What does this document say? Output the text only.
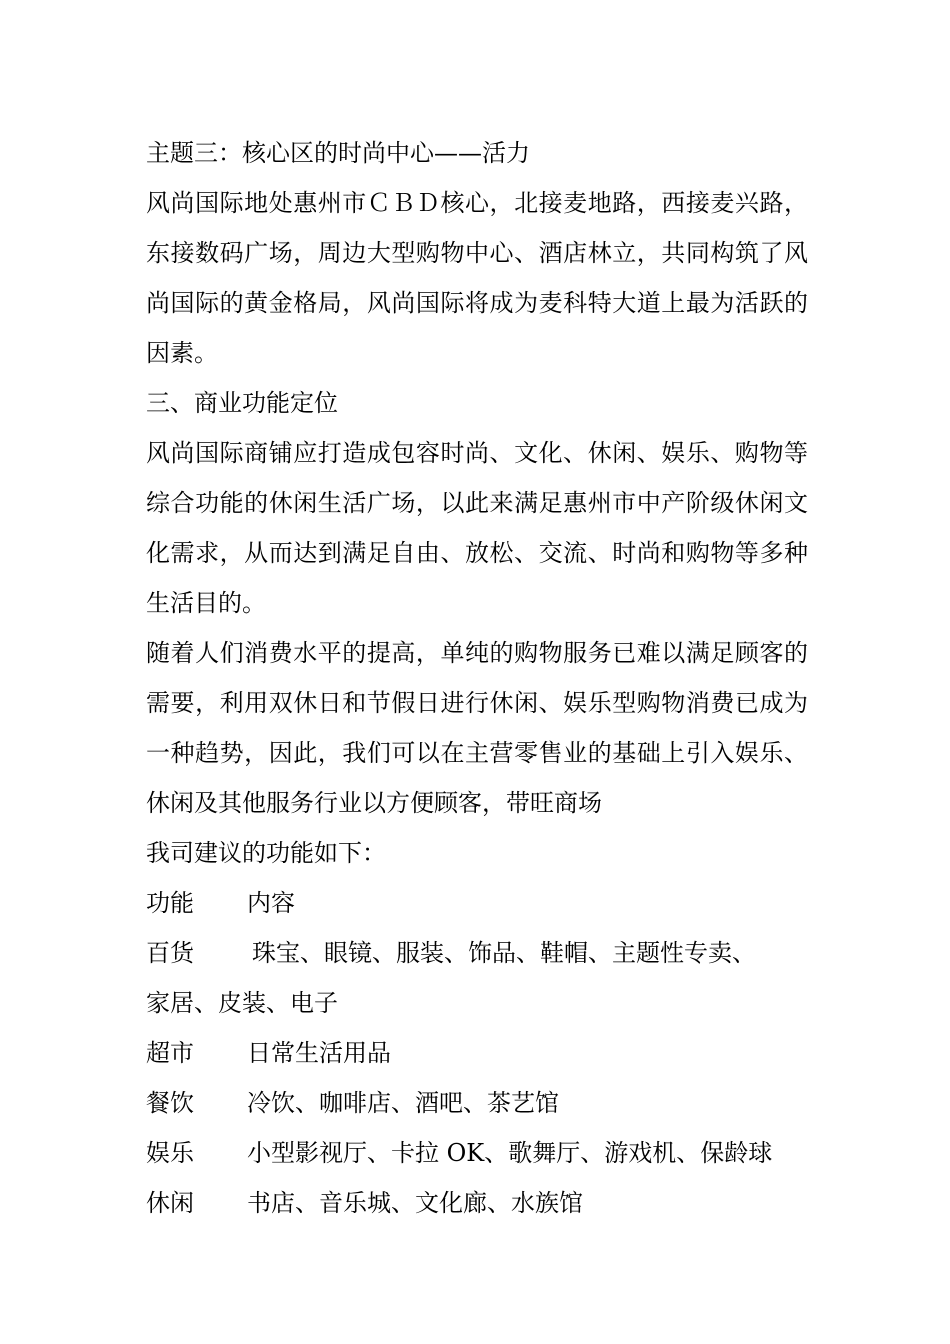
主题三：核心区的时尚中心——活力

风尚国际地处惠州市ＣＢＤ核心，北接麦地路，西接麦兴路，东接数码广场，周边大型购物中心、酒店林立，共同构筑了风尚国际的黄金格局，风尚国际将成为麦科特大道上最为活跃的因素。

三、商业功能定位

风尚国际商铺应打造成包容时尚、文化、休闲、娱乐、购物等综合功能的休闲生活广场，以此来满足惠州市中产阶级休闲文化需求，从而达到满足自由、放松、交流、时尚和购物等多种生活目的。

随着人们消费水平的提高，单纯的购物服务已难以满足顾客的需要，利用双休日和节假日进行休闲、娱乐型购物消费已成为一种趋势，因此，我们可以在主营零售业的基础上引入娱乐、休闲及其他服务行业以方便顾客，带旺商场

我司建议的功能如下：

功能	内容
百货	珠宝、眼镜、服装、饰品、鞋帽、主题性专卖、

家居、皮装、电子

超市	日常生活用品
餐饮	冷饮、咖啡店、酒吧、茶艺馆
娱乐	小型影视厅、卡拉 OK、歌舞厅、游戏机、保龄球
休闲	书店、音乐城、文化廊、水族馆
